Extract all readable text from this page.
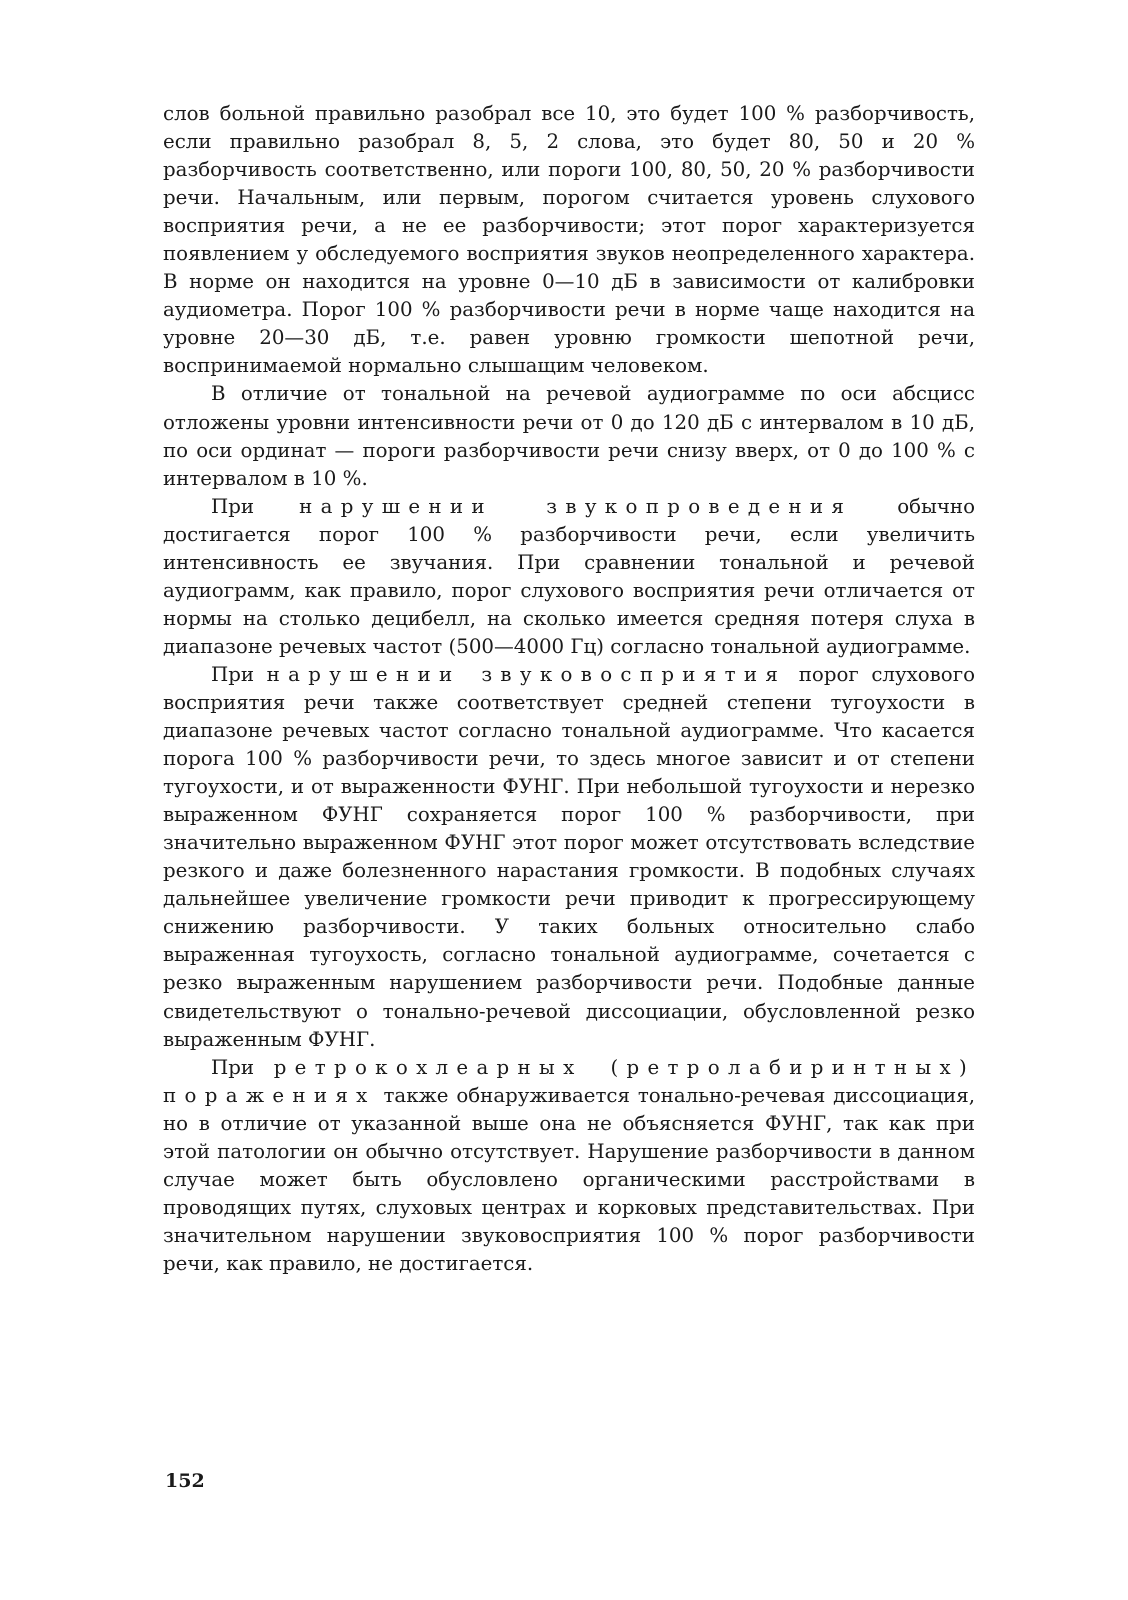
слов больной правильно разобрал все 10, это будет 100 % разборчивость, если правильно разобрал 8, 5, 2 слова, это будет 80, 50 и 20 % разборчивость соответственно, или пороги 100, 80, 50, 20 % разборчивости речи. Начальным, или первым, порогом считается уровень слухового восприятия речи, а не ее разборчивости; этот порог характеризуется появлением у обследуемого восприятия звуков неопределенного характера. В норме он находится на уровне 0—10 дБ в зависимости от калибровки аудиометра. Порог 100 % разборчивости речи в норме чаще находится на уровне 20—30 дБ, т.е. равен уровню громкости шепотной речи, воспринимаемой нормально слышащим человеком.

В отличие от тональной на речевой аудиограмме по оси абсцисс отложены уровни интенсивности речи от 0 до 120 дБ с интервалом в 10 дБ, по оси ординат — пороги разборчивости речи снизу вверх, от 0 до 100 % с интервалом в 10 %.

При нарушении звукопроведения обычно достигается порог 100 % разборчивости речи, если увеличить интенсивность ее звучания. При сравнении тональной и речевой аудиограмм, как правило, порог слухового восприятия речи отличается от нормы на столько децибелл, на сколько имеется средняя потеря слуха в диапазоне речевых частот (500—4000 Гц) согласно тональной аудиограмме.

При нарушении звуковосприятия порог слухового восприятия речи также соответствует средней степени тугоухости в диапазоне речевых частот согласно тональной аудиограмме. Что касается порога 100 % разборчивости речи, то здесь многое зависит и от степени тугоухости, и от выраженности ФУНГ. При небольшой тугоухости и нерезко выраженном ФУНГ сохраняется порог 100 % разборчивости, при значительно выраженном ФУНГ этот порог может отсутствовать вследствие резкого и даже болезненного нарастания громкости. В подобных случаях дальнейшее увеличение громкости речи приводит к прогрессирующему снижению разборчивости. У таких больных относительно слабо выраженная тугоухость, согласно тональной аудиограмме, сочетается с резко выраженным нарушением разборчивости речи. Подобные данные свидетельствуют о тонально-речевой диссоциации, обусловленной резко выраженным ФУНГ.

При ретрокохлеарных (ретролабиринтных) поражениях также обнаруживается тонально-речевая диссоциация, но в отличие от указанной выше она не объясняется ФУНГ, так как при этой патологии он обычно отсутствует. Нарушение разборчивости в данном случае может быть обусловлено органическими расстройствами в проводящих путях, слуховых центрах и корковых представительствах. При значительном нарушении звуковосприятия 100 % порог разборчивости речи, как правило, не достигается.

152
